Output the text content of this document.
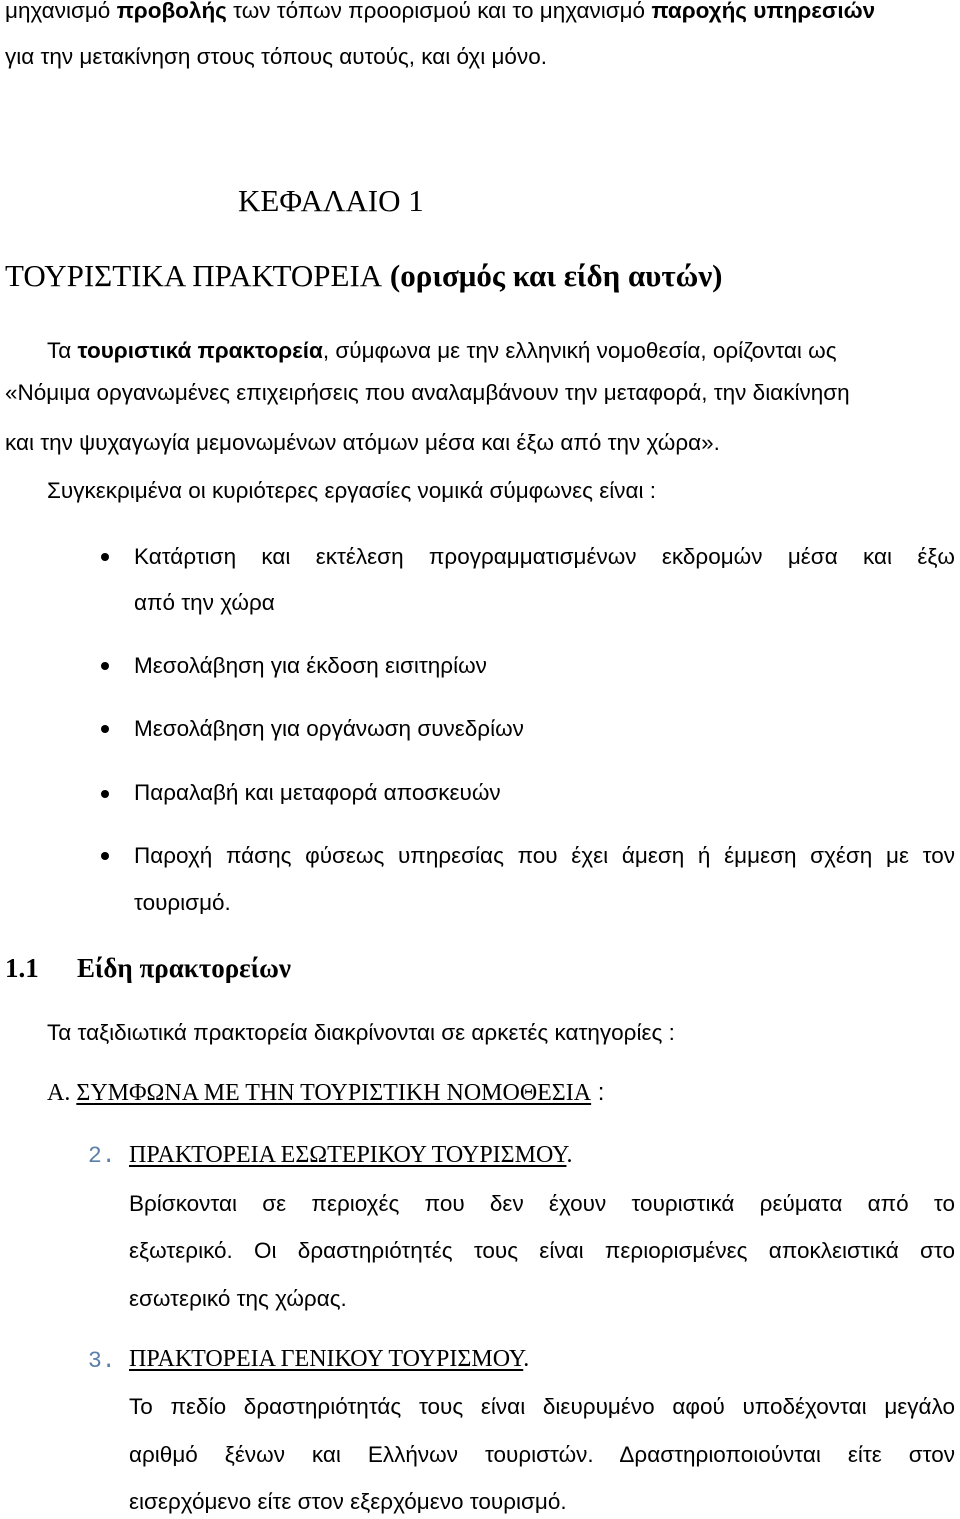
μηχανισμό προβολής των τόπων προορισμού και το μηχανισμό παροχής υπηρεσιών
για την μετακίνηση στους τόπους αυτούς, και όχι μόνο.
ΚΕΦΑΛΑΙΟ 1
ΤΟΥΡΙΣΤΙΚΑ ΠΡΑΚΤΟΡΕΙΑ (ορισμός και είδη αυτών)
Τα τουριστικά πρακτορεία, σύμφωνα με την ελληνική νομοθεσία, ορίζονται ως
«Νόμιμα οργανωμένες επιχειρήσεις που αναλαμβάνουν την μεταφορά, την διακίνηση
και την ψυχαγωγία μεμονωμένων ατόμων μέσα και έξω από την χώρα».
Συγκεκριμένα οι κυριότερες εργασίες νομικά σύμφωνες είναι :
Κατάρτιση και εκτέλεση προγραμματισμένων εκδρομών μέσα και έξω
από την χώρα
Μεσολάβηση για έκδοση εισιτηρίων
Μεσολάβηση για οργάνωση συνεδρίων
Παραλαβή και μεταφορά αποσκευών
Παροχή πάσης φύσεως υπηρεσίας που έχει άμεση ή έμμεση σχέση με τον
τουρισμό.
1.1 Είδη πρακτορείων
Τα ταξιδιωτικά πρακτορεία διακρίνονται σε αρκετές κατηγορίες :
Α. ΣΥΜΦΩΝΑ ΜΕ ΤΗΝ ΤΟΥΡΙΣΤΙΚΗ ΝΟΜΟΘΕΣΙΑ :
2. ΠΡΑΚΤΟΡΕΙΑ ΕΣΩΤΕΡΙΚΟΥ ΤΟΥΡΙΣΜΟΥ.
Βρίσκονται σε περιοχές που δεν έχουν τουριστικά ρεύματα από το
εξωτερικό. Οι δραστηριότητές τους είναι περιορισμένες αποκλειστικά στο
εσωτερικό της χώρας.
3. ΠΡΑΚΤΟΡΕΙΑ ΓΕΝΙΚΟΥ ΤΟΥΡΙΣΜΟΥ.
Το πεδίο δραστηριότητάς τους είναι διευρυμένο αφού υποδέχονται μεγάλο
αριθμό ξένων και Ελλήνων τουριστών. Δραστηριοποιούνται είτε στον
εισερχόμενο είτε στον εξερχόμενο τουρισμό.
